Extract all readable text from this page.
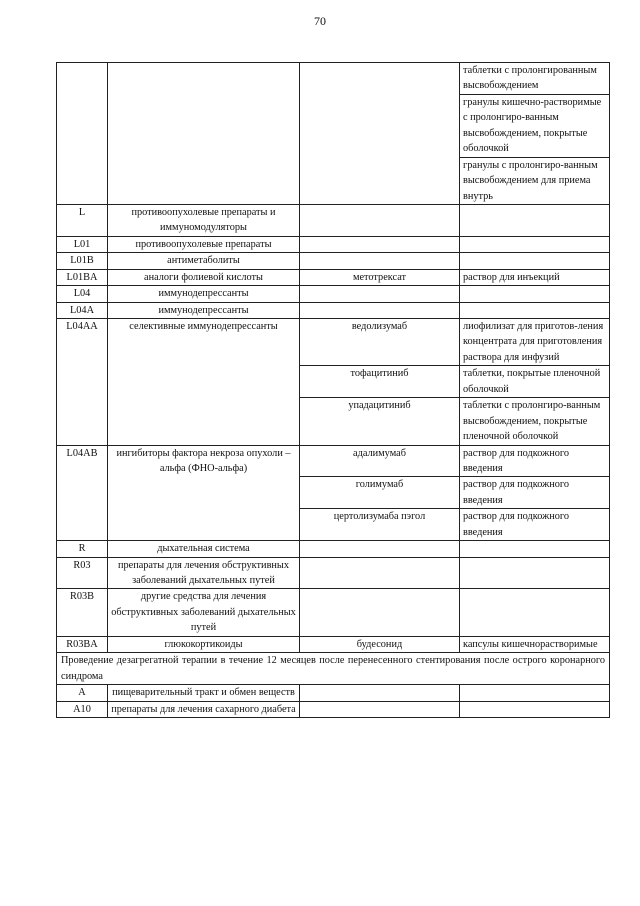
70
			таблетки с пролонгированным высвобождением
			гранулы кишечно-растворимые с пролонгиро-ванным высвобождением, покрытые оболочкой
			гранулы с пролонгиро-ванным высвобождением для приема внутрь
L	противоопухолевые препараты и иммуномодуляторы		
L01	противоопухолевые препараты		
L01B	антиметаболиты		
L01BA	аналоги фолиевой кислоты	метотрексат	раствор для инъекций
L04	иммунодепрессанты		
L04A	иммунодепрессанты		
L04AA	селективные иммунодепрессанты	ведолизумаб	лиофилизат для приготов-ления концентрата для приготовления раствора для инфузий
		тофацитиниб	таблетки, покрытые пленочной оболочкой
		упадацитиниб	таблетки с пролонгиро-ванным высвобождением, покрытые пленочной оболочкой
L04AB	ингибиторы фактора некроза опухоли – альфа (ФНО-альфа)	адалимумаб	раствор для подкожного введения
		голимумаб	раствор для подкожного введения
		цертолизумаба пэгол	раствор для подкожного введения
R	дыхательная система		
R03	препараты для лечения обструктивных заболеваний дыхательных путей		
R03B	другие средства для лечения обструктивных заболеваний дыхательных путей		
R03BA	глюкокортикоиды	будесонид	капсулы кишечнорастворимые
Проведение дезагрегатной терапии в течение 12 месяцев после перенесенного стентирования после острого коронарного синдрома			
A	пищеварительный тракт и обмен веществ		
A10	препараты для лечения сахарного диабета		
